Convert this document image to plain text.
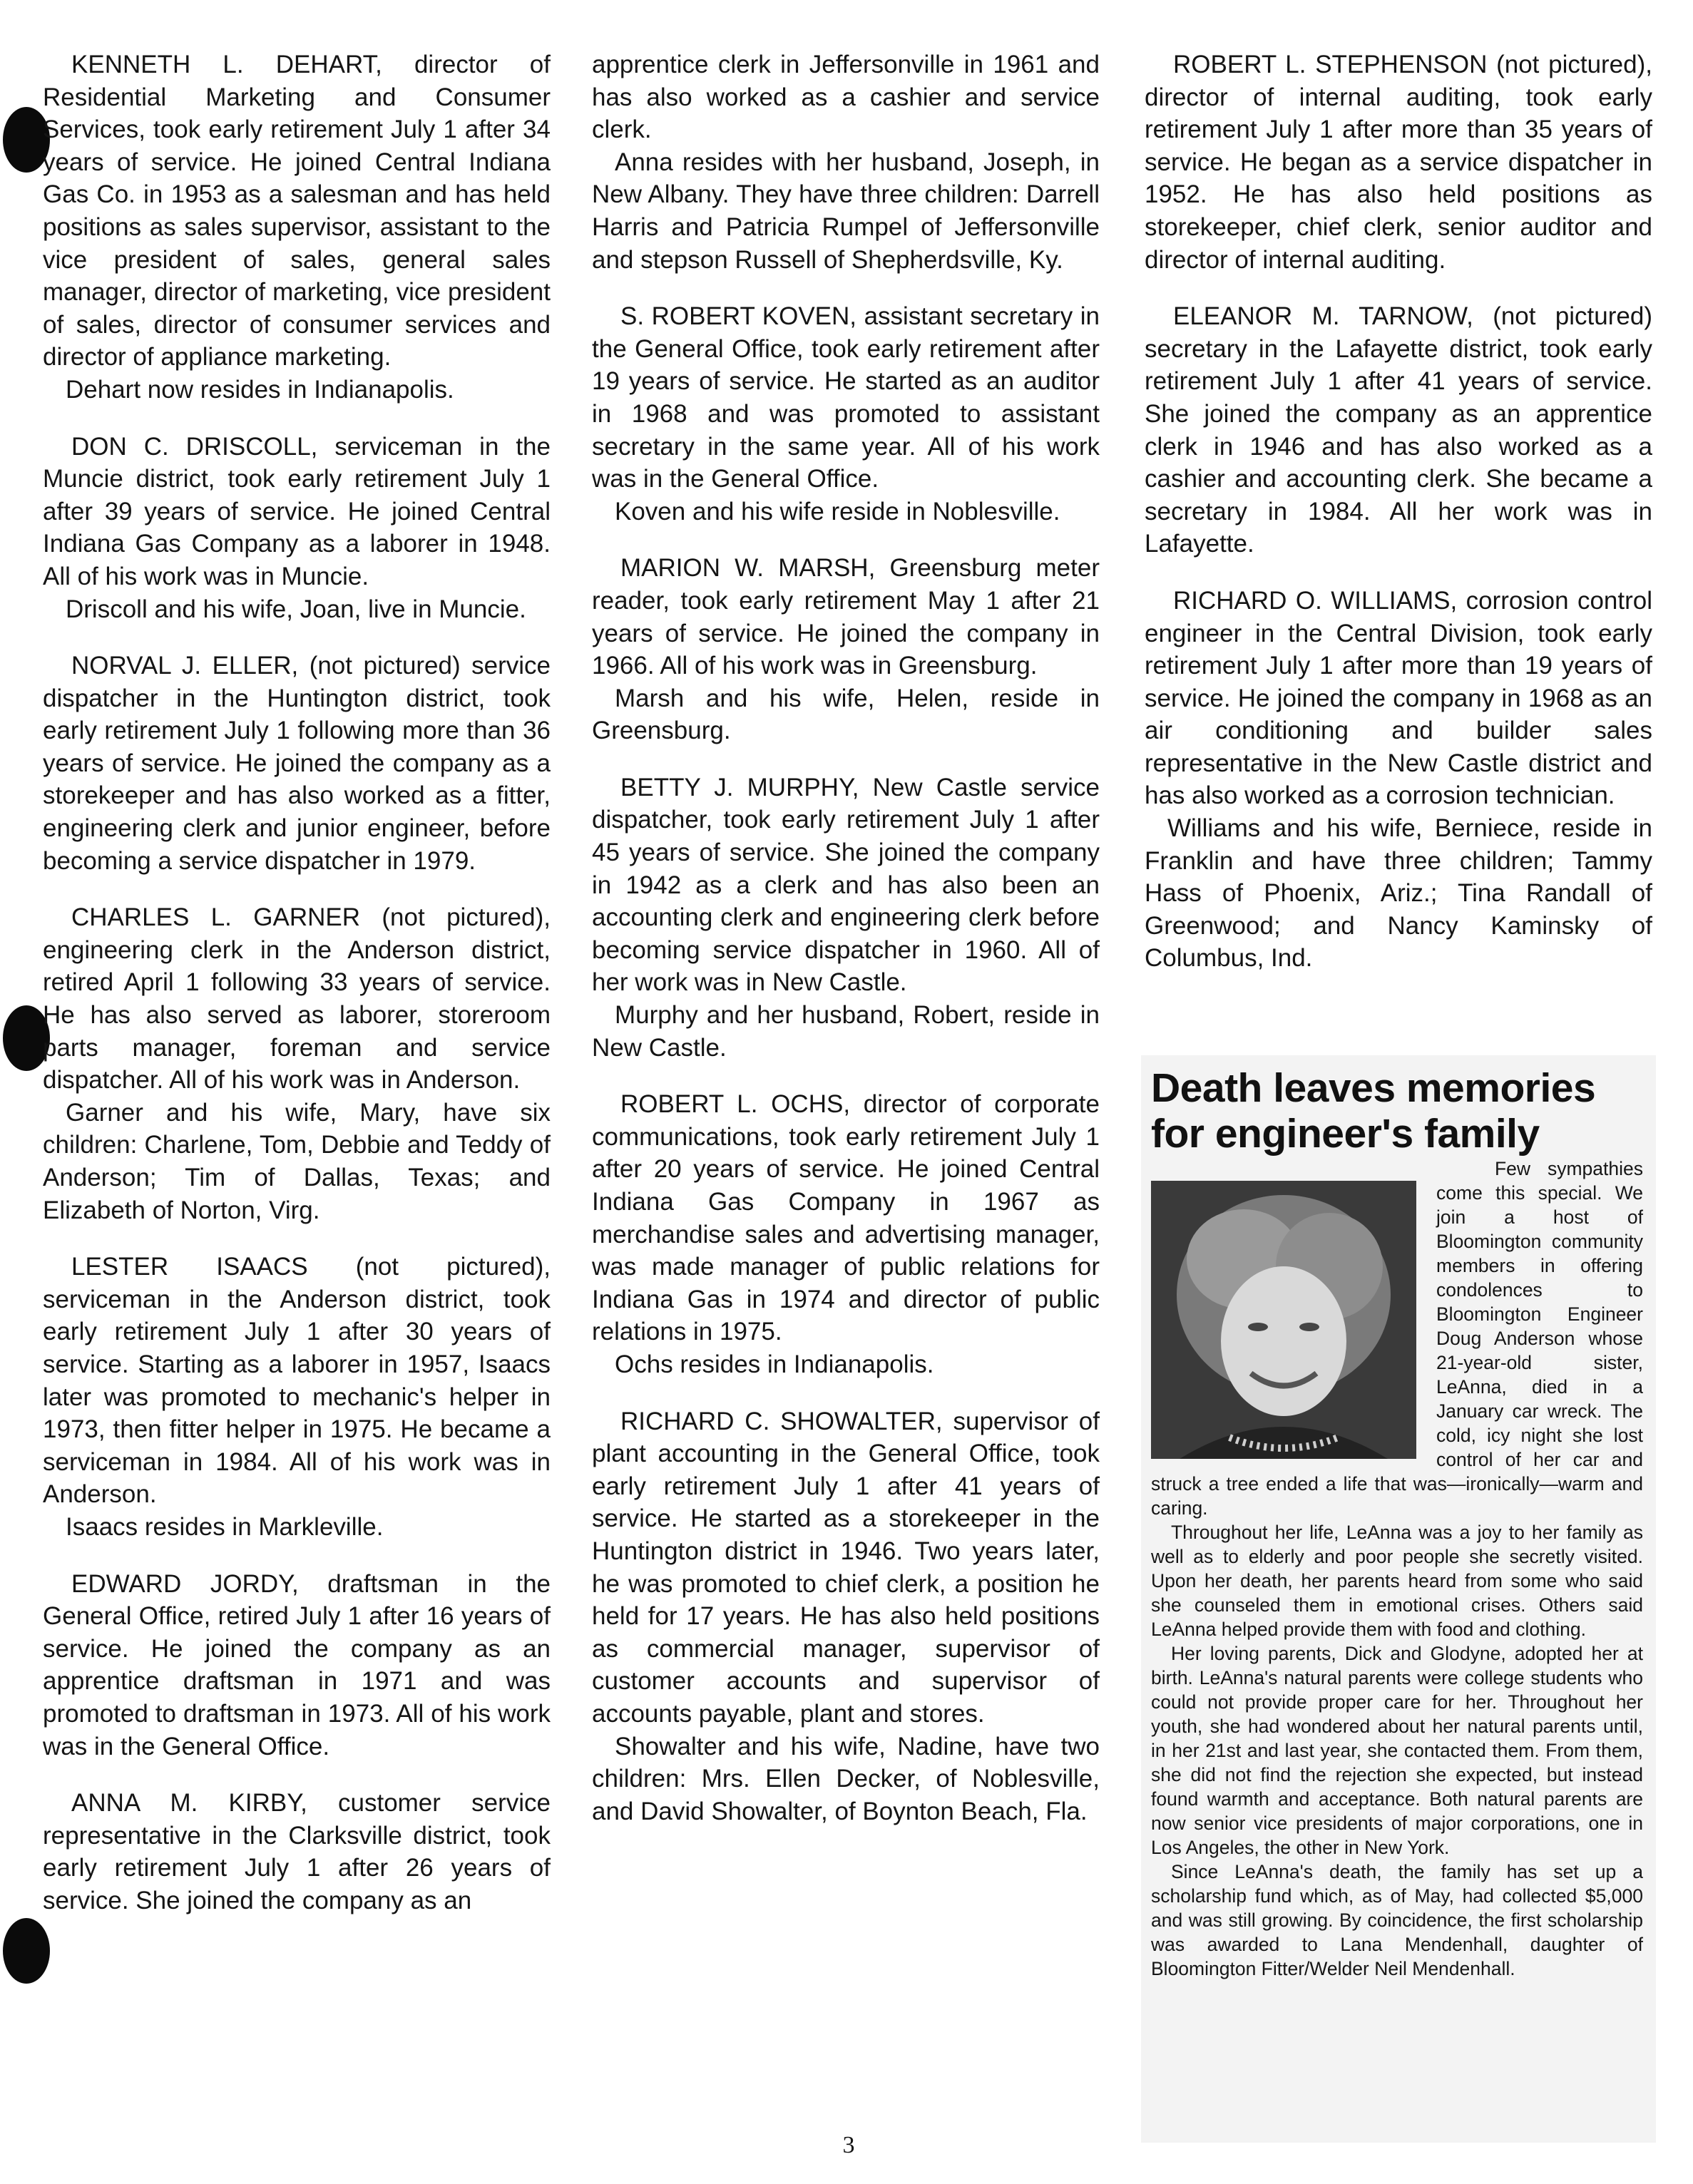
KENNETH L. DEHART, director of Residential Marketing and Consumer Services, took early retirement July 1 after 34 years of service. He joined Central Indiana Gas Co. in 1953 as a salesman and has held positions as sales supervisor, assistant to the vice president of sales, general sales manager, director of marketing, vice president of sales, director of consumer services and director of appliance marketing.

Dehart now resides in Indianapolis.

DON C. DRISCOLL, serviceman in the Muncie district, took early retirement July 1 after 39 years of service. He joined Central Indiana Gas Company as a laborer in 1948. All of his work was in Muncie.

Driscoll and his wife, Joan, live in Muncie.

NORVAL J. ELLER, (not pictured) service dispatcher in the Huntington district, took early retirement July 1 following more than 36 years of service. He joined the company as a storekeeper and has also worked as a fitter, engineering clerk and junior engineer, before becoming a service dispatcher in 1979.

CHARLES L. GARNER (not pictured), engineering clerk in the Anderson district, retired April 1 following 33 years of service. He has also served as laborer, storeroom parts manager, foreman and service dispatcher. All of his work was in Anderson.

Garner and his wife, Mary, have six children: Charlene, Tom, Debbie and Teddy of Anderson; Tim of Dallas, Texas; and Elizabeth of Norton, Virg.

LESTER ISAACS (not pictured), serviceman in the Anderson district, took early retirement July 1 after 30 years of service. Starting as a laborer in 1957, Isaacs later was promoted to mechanic's helper in 1973, then fitter helper in 1975. He became a serviceman in 1984. All of his work was in Anderson.

Isaacs resides in Markleville.

EDWARD JORDY, draftsman in the General Office, retired July 1 after 16 years of service. He joined the company as an apprentice draftsman in 1971 and was promoted to draftsman in 1973. All of his work was in the General Office.

ANNA M. KIRBY, customer service representative in the Clarksville district, took early retirement July 1 after 26 years of service. She joined the company as an

apprentice clerk in Jeffersonville in 1961 and has also worked as a cashier and service clerk.

Anna resides with her husband, Joseph, in New Albany. They have three children: Darrell Harris and Patricia Rumpel of Jeffersonville and stepson Russell of Shepherdsville, Ky.

S. ROBERT KOVEN, assistant secretary in the General Office, took early retirement after 19 years of service. He started as an auditor in 1968 and was promoted to assistant secretary in the same year. All of his work was in the General Office.

Koven and his wife reside in Noblesville.

MARION W. MARSH, Greensburg meter reader, took early retirement May 1 after 21 years of service. He joined the company in 1966. All of his work was in Greensburg.

Marsh and his wife, Helen, reside in Greensburg.

BETTY J. MURPHY, New Castle service dispatcher, took early retirement July 1 after 45 years of service. She joined the company in 1942 as a clerk and has also been an accounting clerk and engineering clerk before becoming service dispatcher in 1960. All of her work was in New Castle.

Murphy and her husband, Robert, reside in New Castle.

ROBERT L. OCHS, director of corporate communications, took early retirement July 1 after 20 years of service. He joined Central Indiana Gas Company in 1967 as merchandise sales and advertising manager, was made manager of public relations for Indiana Gas in 1974 and director of public relations in 1975.

Ochs resides in Indianapolis.

RICHARD C. SHOWALTER, supervisor of plant accounting in the General Office, took early retirement July 1 after 41 years of service. He started as a storekeeper in the Huntington district in 1946. Two years later, he was promoted to chief clerk, a position he held for 17 years. He has also held positions as commercial manager, supervisor of customer accounts and supervisor of accounts payable, plant and stores.

Showalter and his wife, Nadine, have two children: Mrs. Ellen Decker, of Noblesville, and David Showalter, of Boynton Beach, Fla.

ROBERT L. STEPHENSON (not pictured), director of internal auditing, took early retirement July 1 after more than 35 years of service. He began as a service dispatcher in 1952. He has also held positions as storekeeper, chief clerk, senior auditor and director of internal auditing.

ELEANOR M. TARNOW, (not pictured) secretary in the Lafayette district, took early retirement July 1 after 41 years of service. She joined the company as an apprentice clerk in 1946 and has also worked as a cashier and accounting clerk. She became a secretary in 1984. All her work was in Lafayette.

RICHARD O. WILLIAMS, corrosion control engineer in the Central Division, took early retirement July 1 after more than 19 years of service. He joined the company in 1968 as an air conditioning and builder sales representative in the New Castle district and has also worked as a corrosion technician.

Williams and his wife, Berniece, reside in Franklin and have three children; Tammy Hass of Phoenix, Ariz.; Tina Randall of Greenwood; and Nancy Kaminsky of Columbus, Ind.

Death leaves memories for engineer's family

Few sympathies come this special. We join a host of Bloomington community members in offering condolences to Bloomington Engineer Doug Anderson whose 21-year-old sister, LeAnna, died in a January car wreck. The cold, icy night she lost control of her car and struck a tree ended a life that was—ironically—warm and caring.

Throughout her life, LeAnna was a joy to her family as well as to elderly and poor people she secretly visited. Upon her death, her parents heard from some who said she counseled them in emotional crises. Others said LeAnna helped provide them with food and clothing.

Her loving parents, Dick and Glodyne, adopted her at birth. LeAnna's natural parents were college students who could not provide proper care for her. Throughout her youth, she had wondered about her natural parents until, in her 21st and last year, she contacted them. From them, she did not find the rejection she expected, but instead found warmth and acceptance. Both natural parents are now senior vice presidents of major corporations, one in Los Angeles, the other in New York.

Since LeAnna's death, the family has set up a scholarship fund which, as of May, had collected $5,000 and was still growing. By coincidence, the first scholarship was awarded to Lana Mendenhall, daughter of Bloomington Fitter/Welder Neil Mendenhall.

3
